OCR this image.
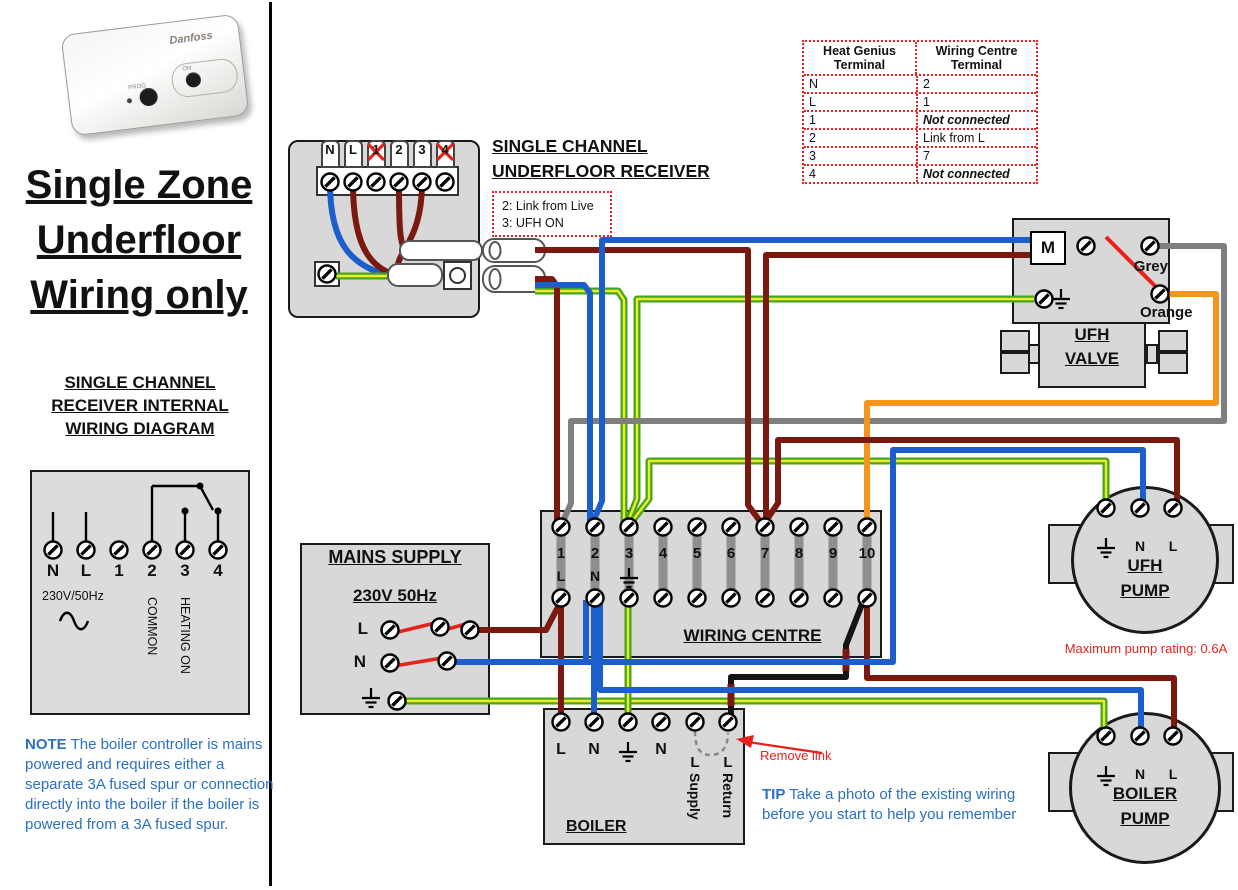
Danfoss
PROG
ON
Single Zone
Underfloor
Wiring only
SINGLE CHANNEL
RECEIVER INTERNAL
WIRING DIAGRAM
N	L	1	2	3	4
230V/50Hz
COMMON HEATING ON
NOTE The boiler controller is mains powered and requires either a separate 3A fused spur or connection directly into the boiler if the boiler is powered from a 3A fused spur.
SINGLE CHANNEL
UNDERFLOOR RECEIVER
2: Link from Live
3: UFH ON
N	L	1	2	3	4
Heat Genius Terminal
Wiring Centre Terminal
N	2
L	1
1	Not connected
2	Link from L
3	7
4	Not connected
MAINS SUPPLY
230V 50Hz
L
N
1	2	3	4	5	6	7	8	9	10
L	N
WIRING CENTRE
L	N	N
L	L
Supply Return
BOILER
Remove link
M
Grey
Orange
UFH
VALVE
N	L
UFH
PUMP
Maximum pump rating: 0.6A
N	L
BOILER
PUMP
TIP Take a photo of the existing wiring before you start to help you remember
